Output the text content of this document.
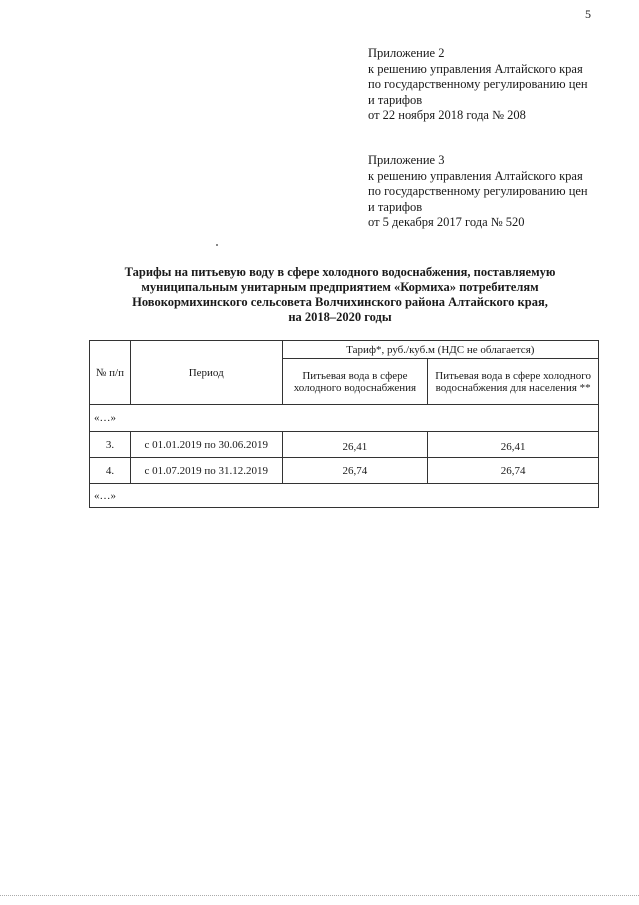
5
Приложение 2
к решению управления Алтайского края
по государственному регулированию цен
и тарифов
от 22 ноября 2018 года № 208
Приложение 3
к решению управления Алтайского края
по государственному регулированию цен
и тарифов
от 5 декабря 2017 года № 520
Тарифы на питьевую воду в сфере холодного водоснабжения, поставляемую
муниципальным унитарным предприятием «Кормиха» потребителям
Новокормихинского сельсовета Волчихинского района Алтайского края,
на 2018–2020 годы
№ п/п	Период	Тариф*, руб./куб.м (НДС не облагается)	
		Питьевая вода в сфере холодного водоснабжения	Питьевая вода в сфере холодного водоснабжения для населения **
«…»			
3.	с 01.01.2019 по 30.06.2019	26,41	26,41
4.	с 01.07.2019 по 31.12.2019	26,74	26,74
«…»			
